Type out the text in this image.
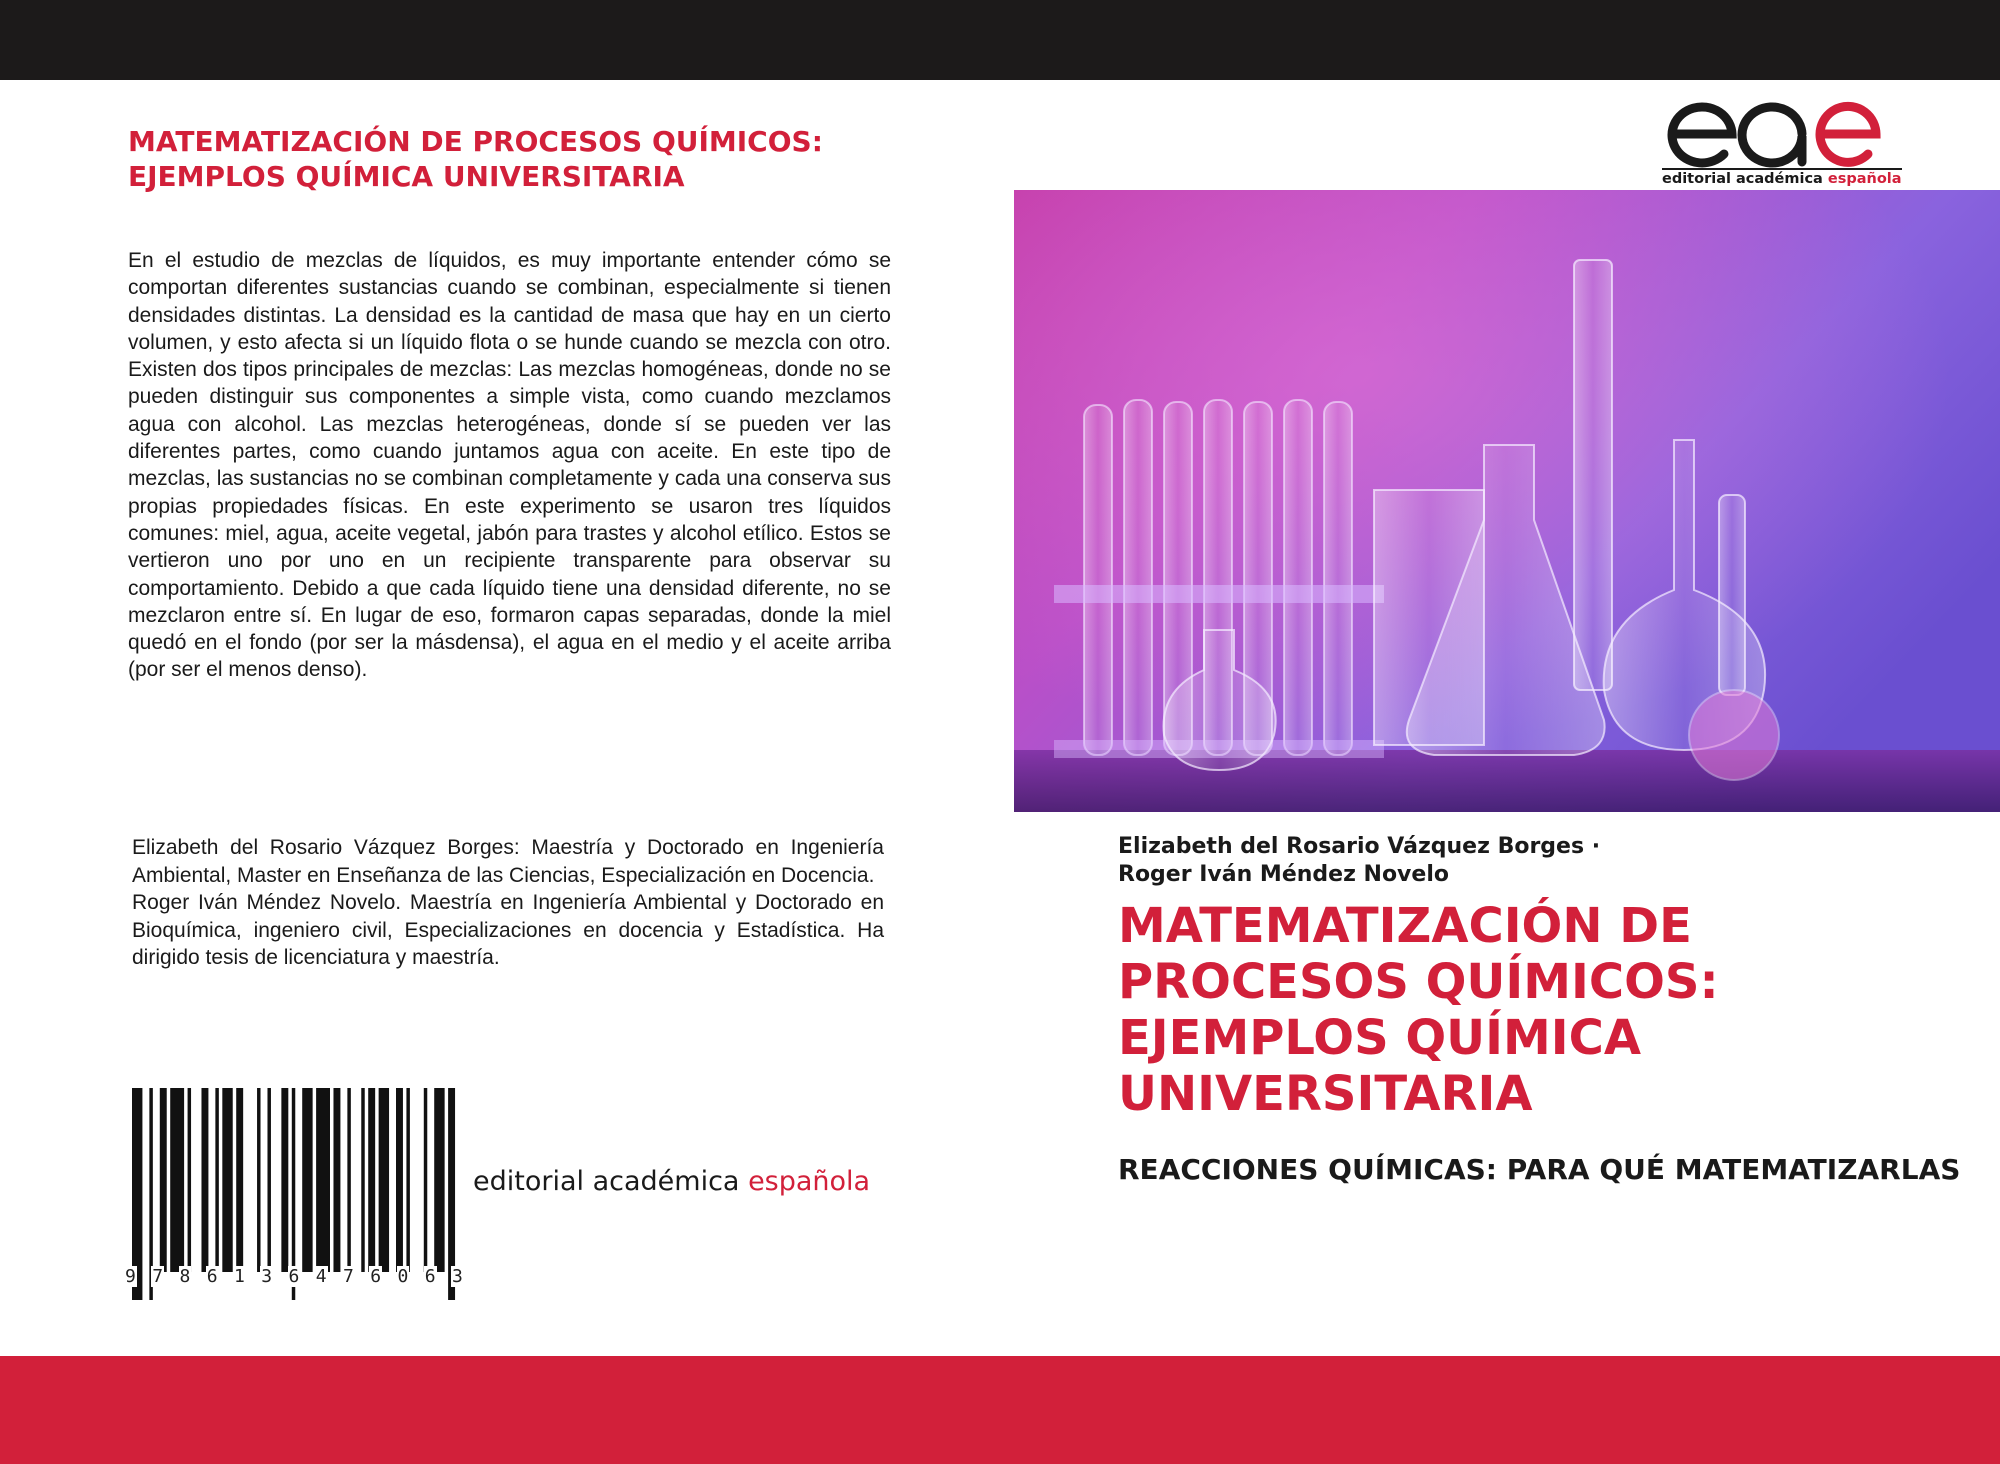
MATEMATIZACIÓN DE PROCESOS QUÍMICOS: EJEMPLOS QUÍMICA UNIVERSITARIA

En el estudio de mezclas de líquidos, es muy importante entender cómo se comportan diferentes sustancias cuando se combinan, especialmente si tienen densidades distintas. La densidad es la cantidad de masa que hay en un cierto volumen, y esto afecta si un líquido flota o se hunde cuando se mezcla con otro. Existen dos tipos principales de mezclas: Las mezclas homogéneas, donde no se pueden distinguir sus componentes a simple vista, como cuando mezclamos agua con alcohol. Las mezclas heterogéneas, donde sí se pueden ver las diferentes partes, como cuando juntamos agua con aceite. En este tipo de mezclas, las sustancias no se combinan completamente y cada una conserva sus propias propiedades físicas. En este experimento se usaron tres líquidos comunes: miel, agua, aceite vegetal, jabón para trastes y alcohol etílico. Estos se vertieron uno por uno en un recipiente transparente para observar su comportamiento. Debido a que cada líquido tiene una densidad diferente, no se mezclaron entre sí. En lugar de eso, formaron capas separadas, donde la miel quedó en el fondo (por ser la másdensa), el agua en el medio y el aceite arriba (por ser el menos denso).

Elizabeth del Rosario Vázquez Borges: Maestría y Doctorado en Ingeniería Ambiental, Master en Enseñanza de las Ciencias, Especialización en Docencia.

Roger Iván Méndez Novelo. Maestría en Ingeniería Ambiental y Doctorado en Bioquímica, ingeniero civil, Especializaciones en docencia y Estadística. Ha dirigido tesis de licenciatura y maestría.

9 7 8 6 1 3 6 4 7 6 0 6 3
editorial académica española
editorial académica española
Elizabeth del Rosario Vázquez Borges ·
Roger Iván Méndez Novelo
MATEMATIZACIÓN DE PROCESOS QUÍMICOS: EJEMPLOS QUÍMICA UNIVERSITARIA
REACCIONES QUÍMICAS: PARA QUÉ MATEMATIZARLAS
